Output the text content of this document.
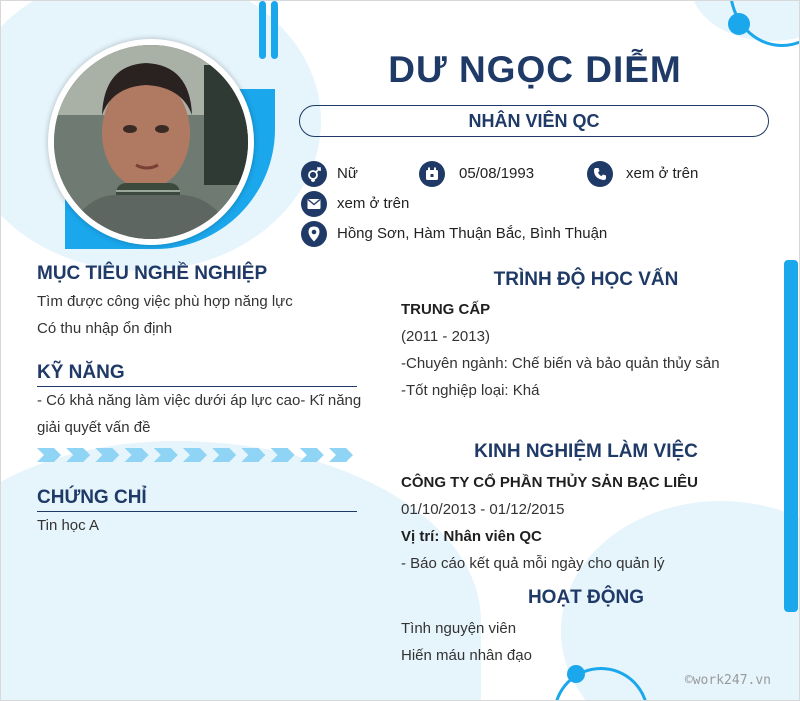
DƯ NGỌC DIỄM
NHÂN VIÊN QC
Nữ	05/08/1993	xem ở trên
xem ở trên
Hồng Sơn, Hàm Thuận Bắc, Bình Thuận
MỤC TIÊU NGHỀ NGHIỆP
Tìm được công việc phù hợp năng lực
Có thu nhập ổn định
KỸ NĂNG
- Có khả năng làm việc dưới áp lực cao- Kĩ năng
giải quyết vấn đề
CHỨNG CHỈ
Tin học A
TRÌNH ĐỘ HỌC VẤN
TRUNG CẤP
(2011 - 2013)
-Chuyên ngành: Chế biến và bảo quản thủy sản
-Tốt nghiệp loại: Khá
KINH NGHIỆM LÀM VIỆC
CÔNG TY CỔ PHẦN THỦY SẢN BẠC LIÊU
01/10/2013 - 01/12/2015
Vị trí: Nhân viên QC
- Báo cáo kết quả mỗi ngày cho quản lý
HOẠT ĐỘNG
Tình nguyện viên
Hiến máu nhân đạo
©work247.vn
